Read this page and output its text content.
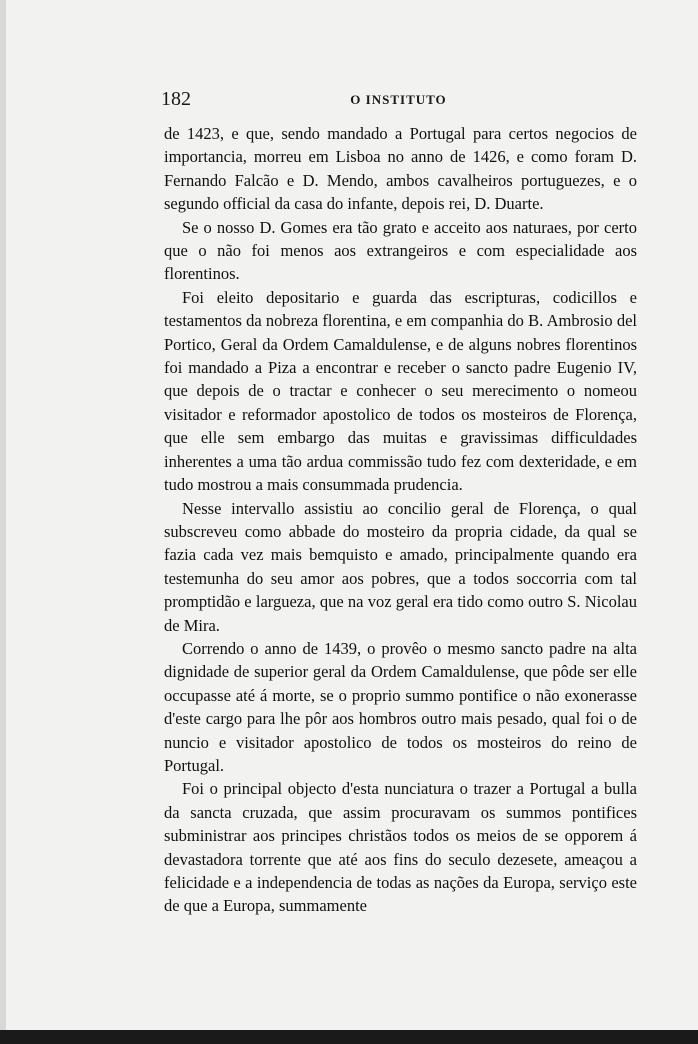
182	O INSTITUTO

de 1423, e que, sendo mandado a Portugal para certos negocios de importancia, morreu em Lisboa no anno de 1426, e como foram D. Fernando Falcão e D. Mendo, ambos cavalheiros portuguezes, e o segundo official da casa do infante, depois rei, D. Duarte.

Se o nosso D. Gomes era tão grato e acceito aos naturaes, por certo que o não foi menos aos extrangeiros e com especialidade aos florentinos.

Foi eleito depositario e guarda das escripturas, codicillos e testamentos da nobreza florentina, e em companhia do B. Ambrosio del Portico, Geral da Ordem Camaldulense, e de alguns nobres florentinos foi mandado a Piza a encontrar e receber o sancto padre Eugenio IV, que depois de o tractar e conhecer o seu merecimento o nomeou visitador e reformador apostolico de todos os mosteiros de Florença, que elle sem embargo das muitas e gravissimas difficuldades inherentes a uma tão ardua commissão tudo fez com dexteridade, e em tudo mostrou a mais consummada prudencia.

Nesse intervallo assistiu ao concilio geral de Florença, o qual subscreveu como abbade do mosteiro da propria cidade, da qual se fazia cada vez mais bemquisto e amado, principalmente quando era testemunha do seu amor aos pobres, que a todos soccorria com tal promptidão e largueza, que na voz geral era tido como outro S. Nicolau de Mira.

Correndo o anno de 1439, o provêo o mesmo sancto padre na alta dignidade de superior geral da Ordem Camaldulense, que pôde ser elle occupasse até á morte, se o proprio summo pontifice o não exonerasse d'este cargo para lhe pôr aos hombros outro mais pesado, qual foi o de nuncio e visitador apostolico de todos os mosteiros do reino de Portugal.

Foi o principal objecto d'esta nunciatura o trazer a Portugal a bulla da sancta cruzada, que assim procuravam os summos pontifices subministrar aos principes christãos todos os meios de se opporem á devastadora torrente que até aos fins do seculo dezesete, ameaçou a felicidade e a independencia de todas as nações da Europa, serviço este de que a Europa, summamente
